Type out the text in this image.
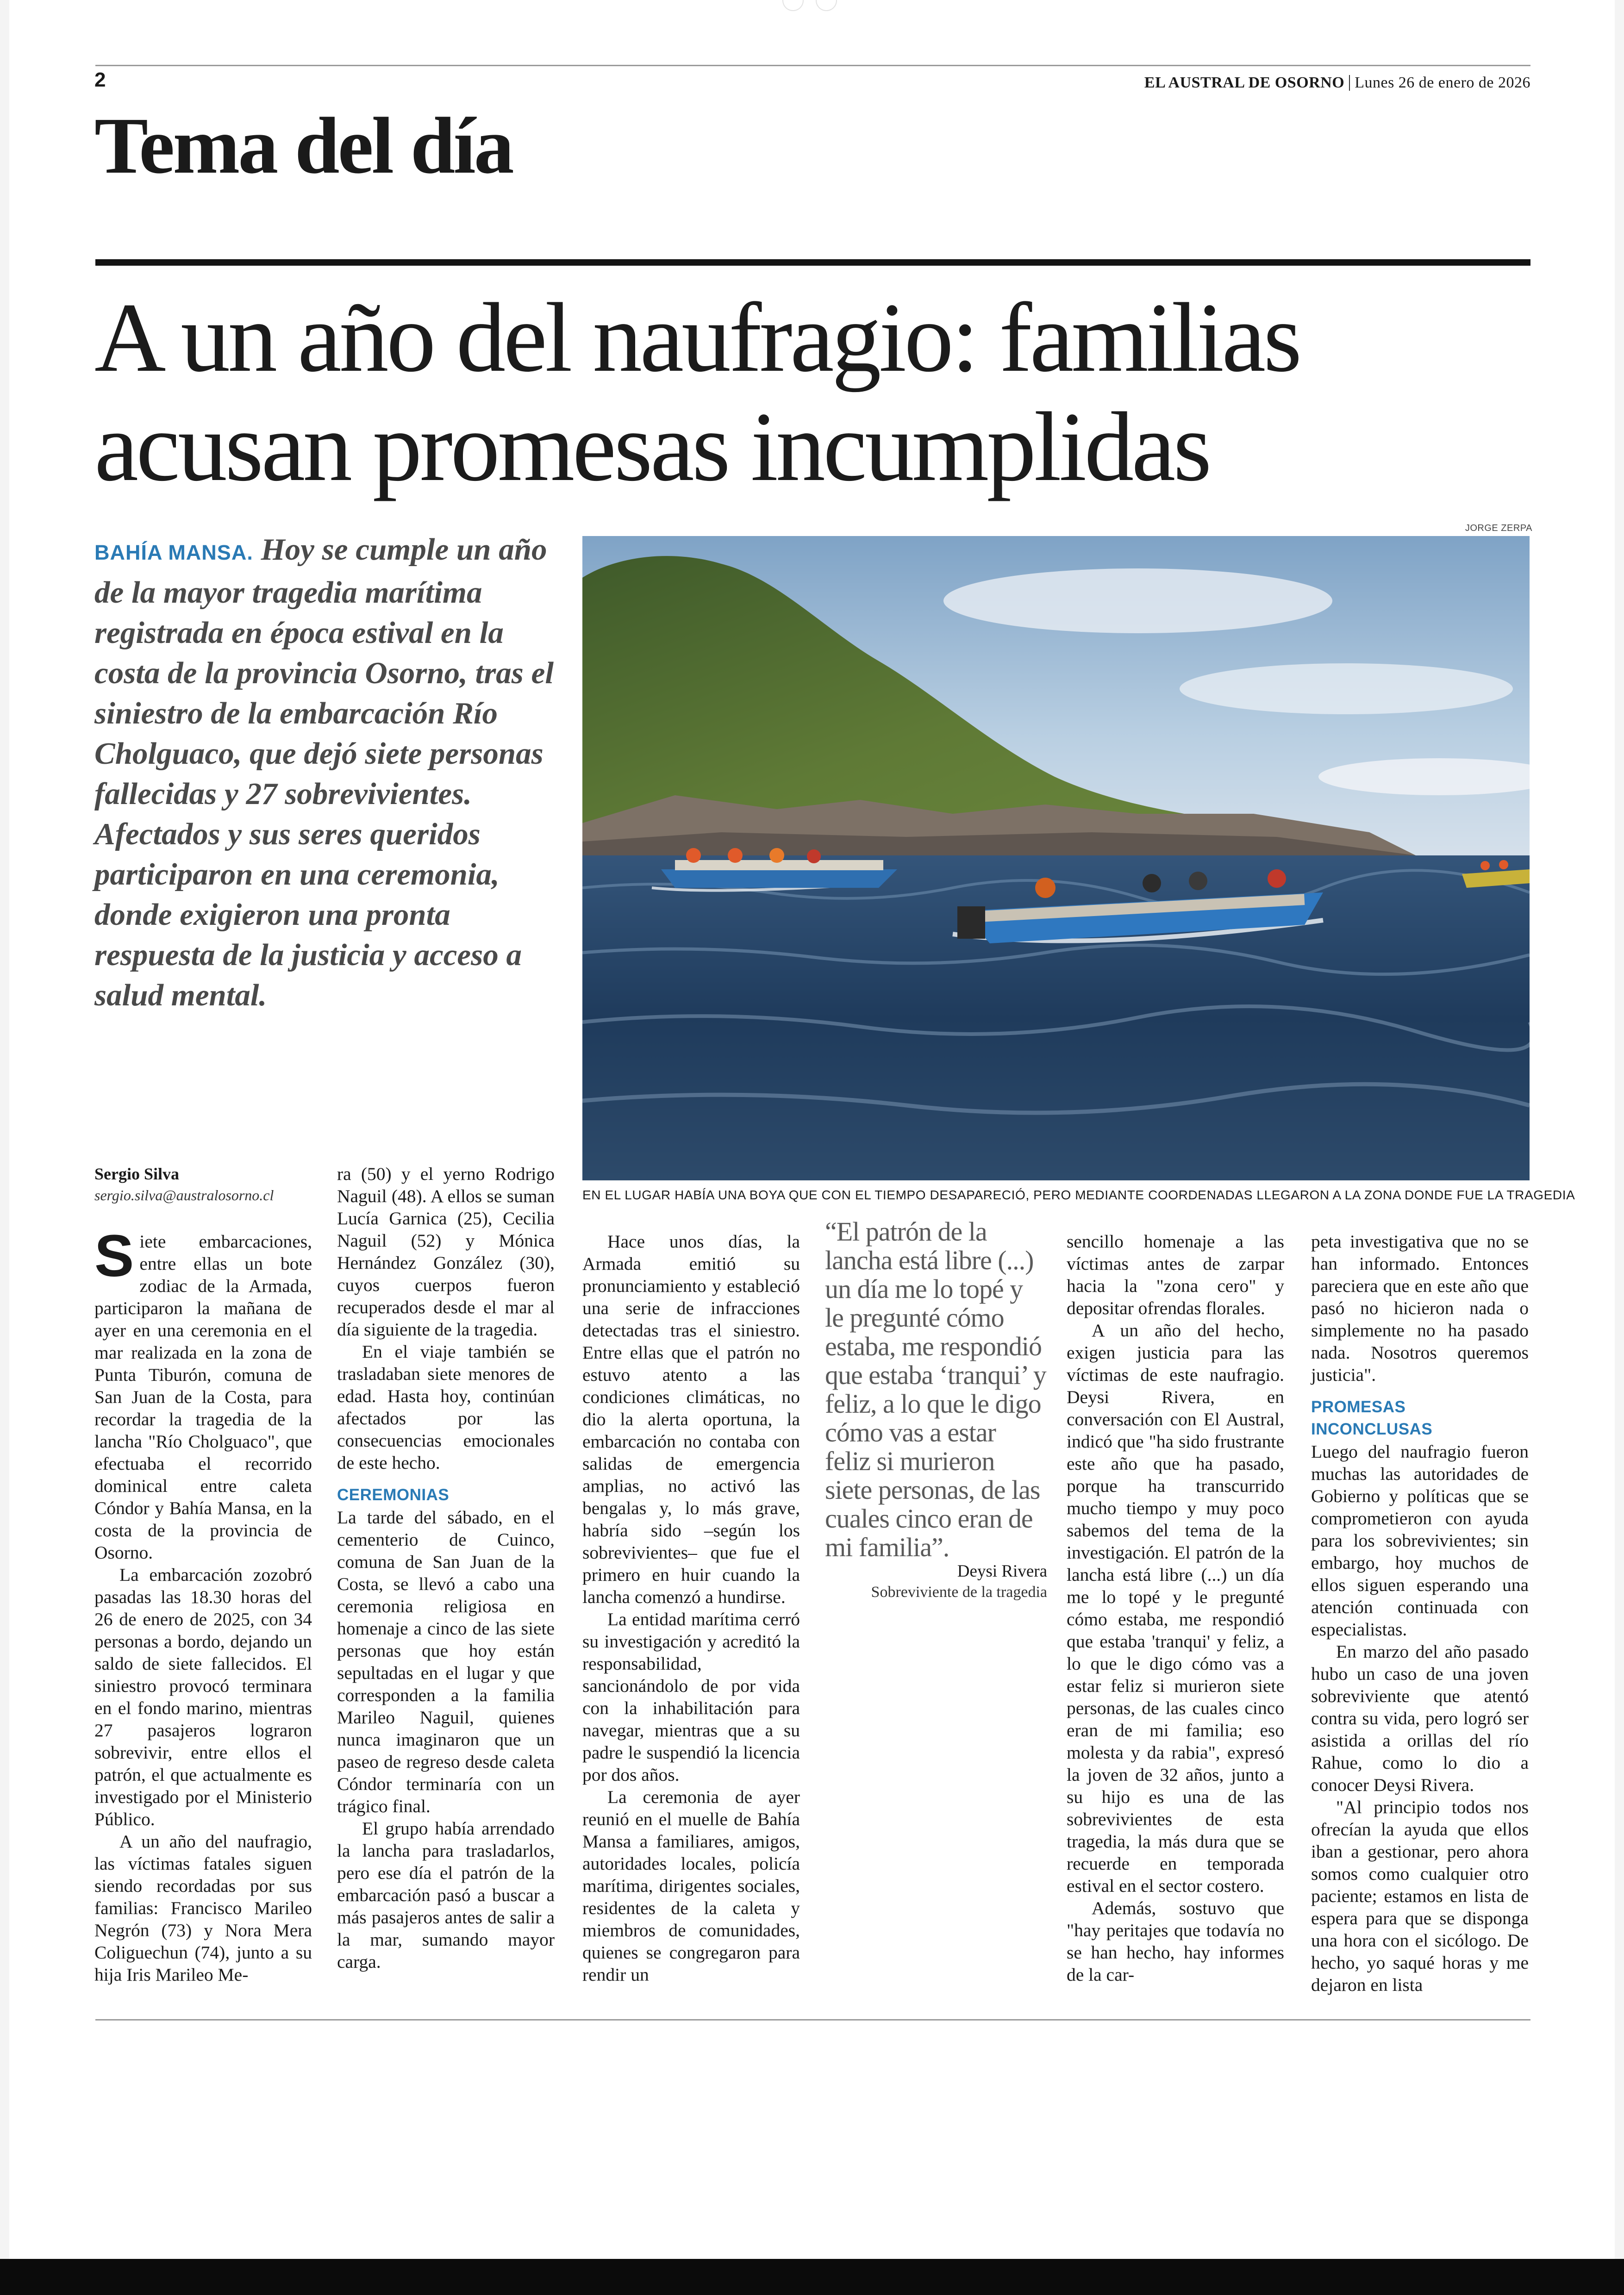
2	EL AUSTRAL DE OSORNO Lunes 26 de enero de 2026
Tema del día
A un año del naufragio: familias
acusan promesas incumplidas
BAHÍA MANSA. Hoy se cumple un año de la mayor tragedia marítima registrada en época estival en la costa de la provincia Osorno, tras el siniestro de la embarcación Río Cholguaco, que dejó siete personas fallecidas y 27 sobrevivientes. Afectados y sus seres queridos participaron en una ceremonia, donde exigieron una pronta respuesta de la justicia y acceso a salud mental.
JORGE ZERPA
EN EL LUGAR HABÍA UNA BOYA QUE CON EL TIEMPO DESAPARECIÓ, PERO MEDIANTE COORDENADAS LLEGARON A LA ZONA DONDE FUE LA TRAGEDIA
Sergio Silva
sergio.silva@australosorno.cl

Siete embarcaciones, entre ellas un bote zodiac de la Armada, participaron la mañana de ayer en una ceremonia en el mar realizada en la zona de Punta Tiburón, comuna de San Juan de la Costa, para recordar la tragedia de la lancha "Río Cholguaco", que efectuaba el recorrido dominical entre caleta Cóndor y Bahía Mansa, en la costa de la provincia de Osorno.

La embarcación zozobró pasadas las 18.30 horas del 26 de enero de 2025, con 34 personas a bordo, dejando un saldo de siete fallecidos. El siniestro provocó terminara en el fondo marino, mientras 27 pasajeros lograron sobrevivir, entre ellos el patrón, el que actualmente es investigado por el Ministerio Público.

A un año del naufragio, las víctimas fatales siguen siendo recordadas por sus familias: Francisco Marileo Negrón (73) y Nora Mera Coliguechun (74), junto a su hija Iris Marileo Me-

ra (50) y el yerno Rodrigo Naguil (48). A ellos se suman Lucía Garnica (25), Cecilia Naguil (52) y Mónica Hernández González (30), cuyos cuerpos fueron recuperados desde el mar al día siguiente de la tragedia.

En el viaje también se trasladaban siete menores de edad. Hasta hoy, continúan afectados por las consecuencias emocionales de este hecho.

CEREMONIAS

La tarde del sábado, en el cementerio de Cuinco, comuna de San Juan de la Costa, se llevó a cabo una ceremonia religiosa en homenaje a cinco de las siete personas que hoy están sepultadas en el lugar y que corresponden a la familia Marileo Naguil, quienes nunca imaginaron que un paseo de regreso desde caleta Cóndor terminaría con un trágico final.

El grupo había arrendado la lancha para trasladarlos, pero ese día el patrón de la embarcación pasó a buscar a más pasajeros antes de salir a la mar, sumando mayor carga.

Hace unos días, la Armada emitió su pronunciamiento y estableció una serie de infracciones detectadas tras el siniestro. Entre ellas que el patrón no estuvo atento a las condiciones climáticas, no dio la alerta oportuna, la embarcación no contaba con salidas de emergencia amplias, no activó las bengalas y, lo más grave, habría sido –según los sobrevivientes– que fue el primero en huir cuando la lancha comenzó a hundirse.

La entidad marítima cerró su investigación y acreditó la responsabilidad, sancionándolo de por vida con la inhabilitación para navegar, mientras que a su padre le suspendió la licencia por dos años.

La ceremonia de ayer reunió en el muelle de Bahía Mansa a familiares, amigos, autoridades locales, policía marítima, dirigentes sociales, residentes de la caleta y miembros de comunidades, quienes se congregaron para rendir un

“El patrón de la lancha está libre (...) un día me lo topé y le pregunté cómo estaba, me respondió que estaba ‘tranqui’ y feliz, a lo que le digo cómo vas a estar feliz si murieron siete personas, de las cuales cinco eran de mi familia”.
Deysi Rivera
Sobreviviente de la tragedia

sencillo homenaje a las víctimas antes de zarpar hacia la "zona cero" y depositar ofrendas florales.

A un año del hecho, exigen justicia para las víctimas de este naufragio. Deysi Rivera, en conversación con El Austral, indicó que "ha sido frustrante este año que ha pasado, porque ha transcurrido mucho tiempo y muy poco sabemos del tema de la investigación. El patrón de la lancha está libre (...) un día me lo topé y le pregunté cómo estaba, me respondió que estaba 'tranqui' y feliz, a lo que le digo cómo vas a estar feliz si murieron siete personas, de las cuales cinco eran de mi familia; eso molesta y da rabia", expresó la joven de 32 años, junto a su hijo es una de las sobrevivientes de esta tragedia, la más dura que se recuerde en temporada estival en el sector costero.

Además, sostuvo que "hay peritajes que todavía no se han hecho, hay informes de la car-

peta investigativa que no se han informado. Entonces pareciera que en este año que pasó no hicieron nada o simplemente no ha pasado nada. Nosotros queremos justicia".

PROMESAS INCONCLUSAS

Luego del naufragio fueron muchas las autoridades de Gobierno y políticas que se comprometieron con ayuda para los sobrevivientes; sin embargo, hoy muchos de ellos siguen esperando una atención continuada con especialistas.

En marzo del año pasado hubo un caso de una joven sobreviviente que atentó contra su vida, pero logró ser asistida a orillas del río Rahue, como lo dio a conocer Deysi Rivera.

"Al principio todos nos ofrecían la ayuda que ellos iban a gestionar, pero ahora somos como cualquier otro paciente; estamos en lista de espera para que se disponga una hora con el sicólogo. De hecho, yo saqué horas y me dejaron en lista
